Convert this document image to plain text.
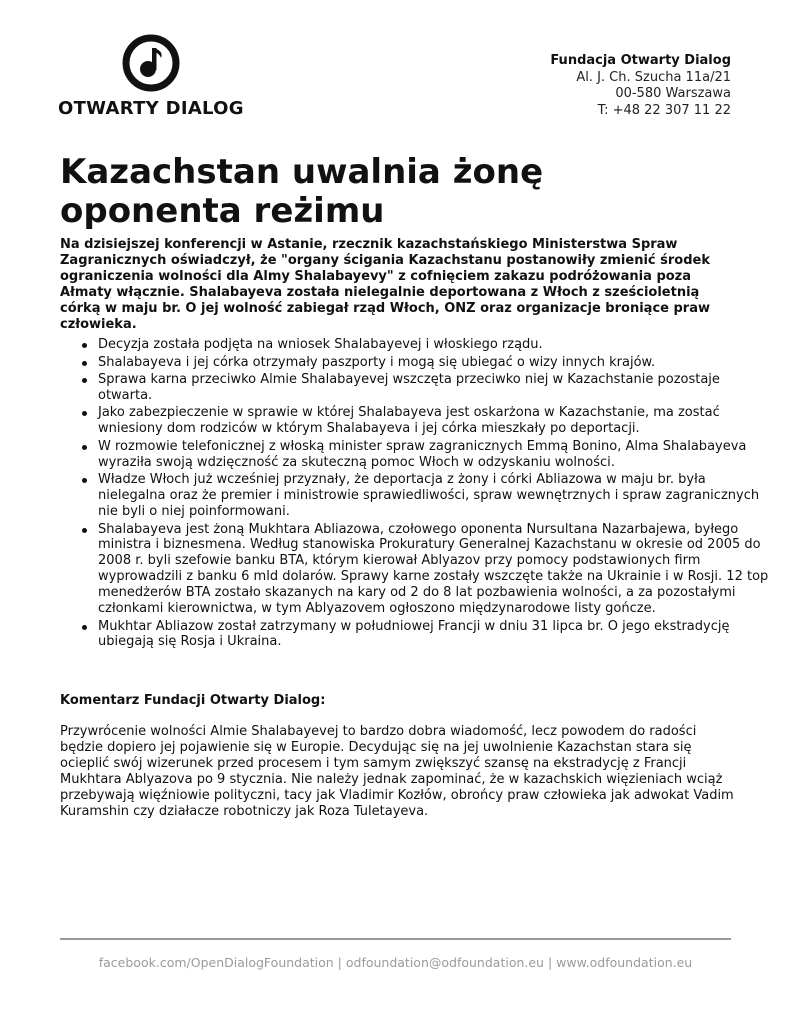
OTWARTY DIALOG
Fundacja Otwarty Dialog
Al. J. Ch. Szucha 11a/21
00-580 Warszawa
T: +48 22 307 11 22
Kazachstan uwalnia żonę oponenta reżimu

Na dzisiejszej konferencji w Astanie, rzecznik kazachstańskiego Ministerstwa Spraw Zagranicznych oświadczył, że "organy ścigania Kazachstanu postanowiły zmienić środek ograniczenia wolności dla Almy Shalabayevy" z cofnięciem zakazu podróżowania poza Ałmaty włącznie. Shalabayeva została nielegalnie deportowana z Włoch z sześcioletnią córką w maju br. O jej wolność zabiegał rząd Włoch, ONZ oraz organizacje broniące praw człowieka.

Decyzja została podjęta na wniosek Shalabayevej i włoskiego rządu.
Shalabayeva i jej córka otrzymały paszporty i mogą się ubiegać o wizy innych krajów.
Sprawa karna przeciwko Almie Shalabayevej wszczęta przeciwko niej w Kazachstanie pozostaje otwarta.
Jako zabezpieczenie w sprawie w której Shalabayeva jest oskarżona w Kazachstanie, ma zostać wniesiony dom rodziców w którym Shalabayeva i jej córka mieszkały po deportacji.
W rozmowie telefonicznej z włoską minister spraw zagranicznych Emmą Bonino, Alma Shalabayeva wyraziła swoją wdzięczność za skuteczną pomoc Włoch w odzyskaniu wolności.
Władze Włoch już wcześniej przyznały, że deportacja z żony i córki Abliazowa w maju br. była nielegalna oraz że premier i ministrowie sprawiedliwości, spraw wewnętrznych i spraw zagranicznych nie byli o niej poinformowani.
Shalabayeva jest żoną Mukhtara Abliazowa, czołowego oponenta Nursultana Nazarbajewa, byłego ministra i biznesmena. Według stanowiska Prokuratury Generalnej Kazachstanu w okresie od 2005 do 2008 r. byli szefowie banku BTA, którym kierował Ablyazov przy pomocy podstawionych firm wyprowadzili z banku 6 mld dolarów. Sprawy karne zostały wszczęte także na Ukrainie i w Rosji. 12 top menedżerów BTA zostało skazanych na kary od 2 do 8 lat pozbawienia wolności, a za pozostałymi członkami kierownictwa, w tym Ablyazovem ogłoszono międzynarodowe listy gończe.
Mukhtar Abliazow został zatrzymany w południowej Francji w dniu 31 lipca br. O jego ekstradycję ubiegają się Rosja i Ukraina.
Komentarz Fundacji Otwarty Dialog:

Przywrócenie wolności Almie Shalabayevej to bardzo dobra wiadomość, lecz powodem do radości będzie dopiero jej pojawienie się w Europie. Decydując się na jej uwolnienie Kazachstan stara się ocieplić swój wizerunek przed procesem i tym samym zwiększyć szansę na ekstradycję z Francji Mukhtara Ablyazova po 9 stycznia. Nie należy jednak zapominać, że w kazachskich więzieniach wciąż przebywają więźniowie polityczni, tacy jak Vladimir Kozłów, obrońcy praw człowieka jak adwokat Vadim Kuramshin czy działacze robotniczy jak Roza Tuletayeva.

facebook.com/OpenDialogFoundation | odfoundation@odfoundation.eu | www.odfoundation.eu
